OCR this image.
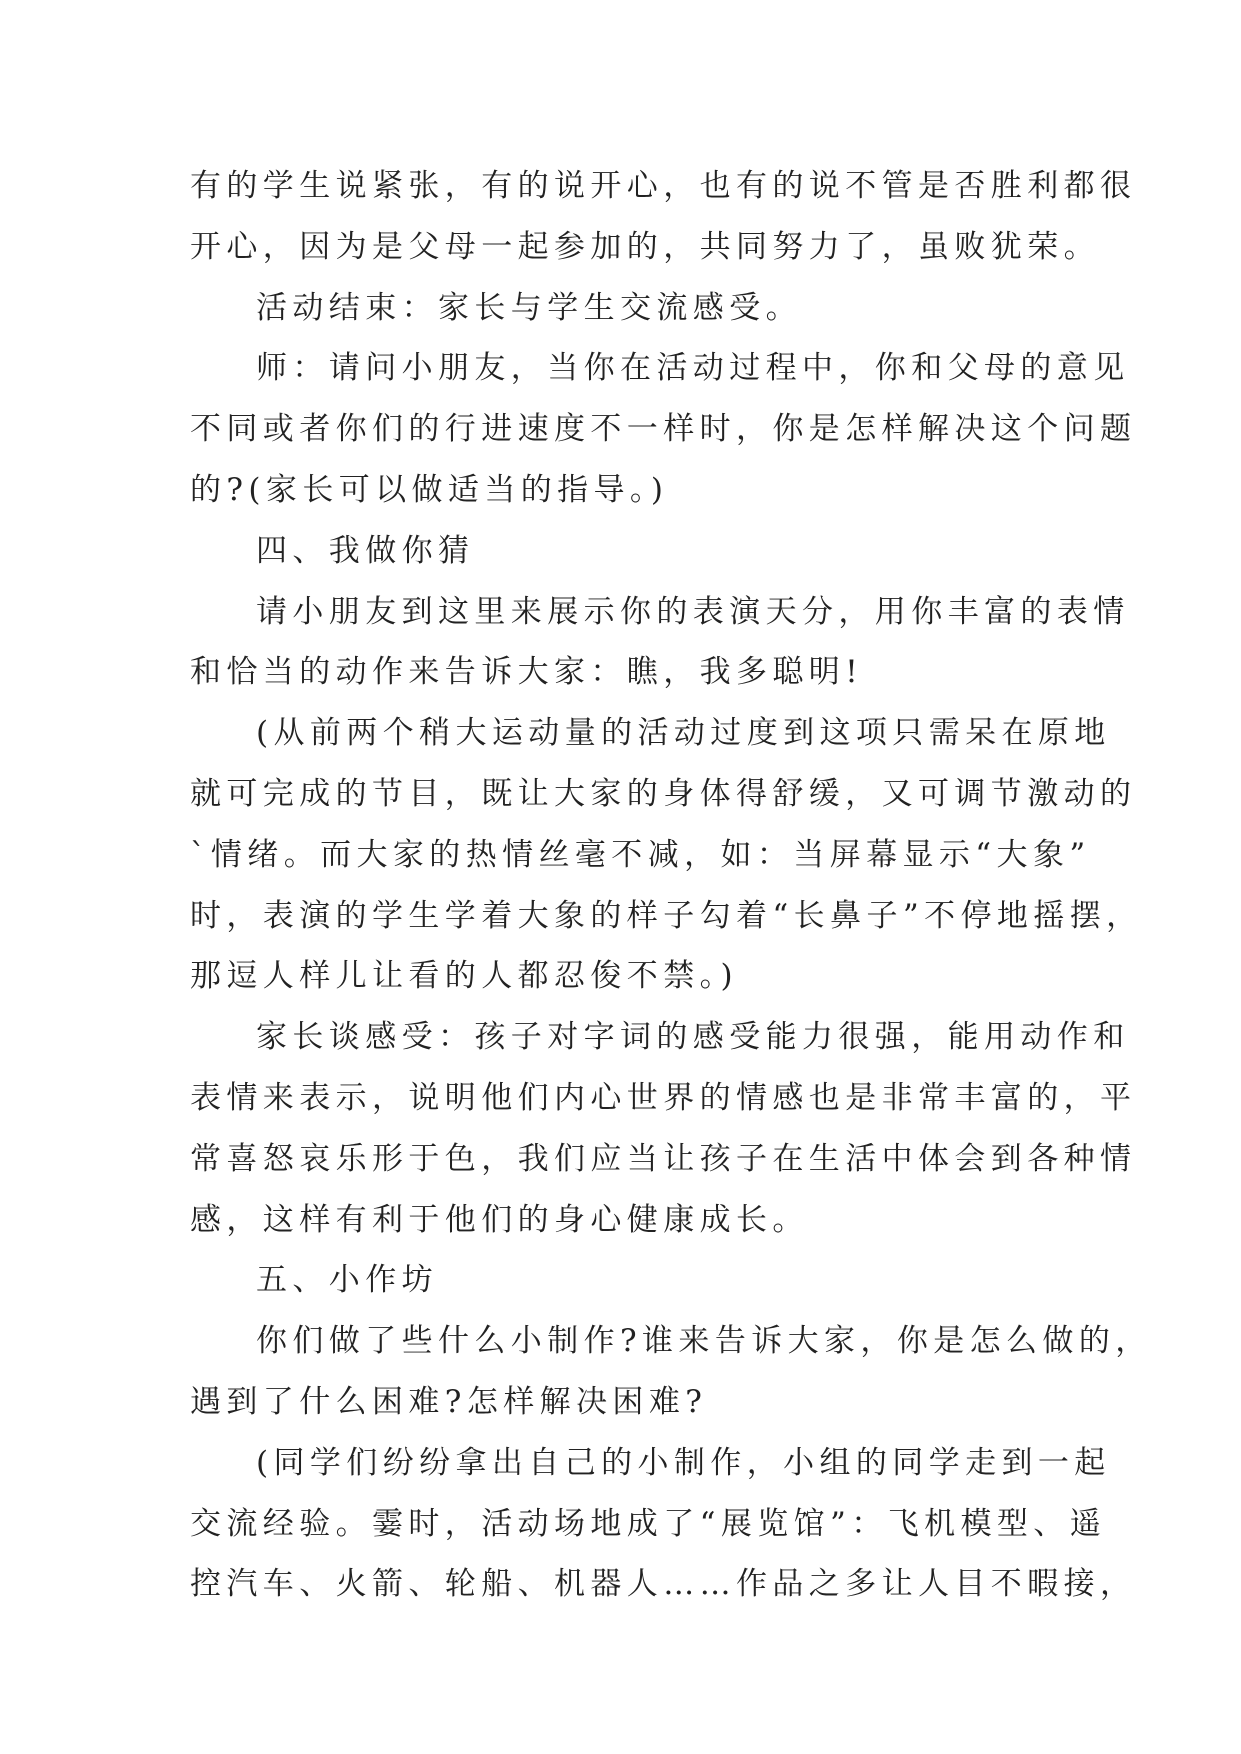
有的学生说紧张，有的说开心，也有的说不管是否胜利都很
开心，因为是父母一起参加的，共同努力了，虽败犹荣。
活动结束：家长与学生交流感受。
师：请问小朋友，当你在活动过程中，你和父母的意见
不同或者你们的行进速度不一样时，你是怎样解决这个问题
的?(家长可以做适当的指导。)
四、我做你猜
请小朋友到这里来展示你的表演天分，用你丰富的表情
和恰当的动作来告诉大家：瞧，我多聪明!
(从前两个稍大运动量的活动过度到这项只需呆在原地
就可完成的节目，既让大家的身体得舒缓，又可调节激动的
`情绪。而大家的热情丝毫不减，如：当屏幕显示“大象”
时，表演的学生学着大象的样子勾着“长鼻子”不停地摇摆，
那逗人样儿让看的人都忍俊不禁。)
家长谈感受：孩子对字词的感受能力很强，能用动作和
表情来表示，说明他们内心世界的情感也是非常丰富的，平
常喜怒哀乐形于色，我们应当让孩子在生活中体会到各种情
感，这样有利于他们的身心健康成长。
五、小作坊
你们做了些什么小制作?谁来告诉大家，你是怎么做的，
遇到了什么困难?怎样解决困难?
(同学们纷纷拿出自己的小制作，小组的同学走到一起
交流经验。霎时，活动场地成了“展览馆”：飞机模型、遥
控汽车、火箭、轮船、机器人……作品之多让人目不暇接，
